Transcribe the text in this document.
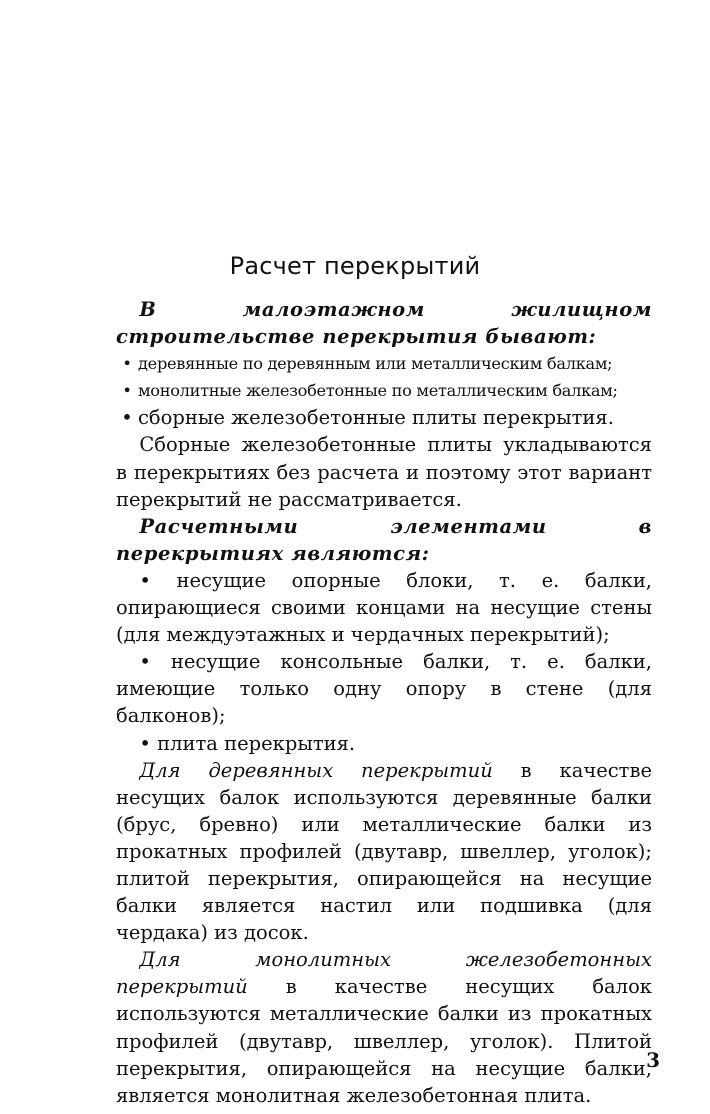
Расчет перекрытий

В малоэтажном жилищном строительстве перекрытия бывают:

• деревянные по деревянным или металлическим балкам;

• монолитные железобетонные по металлическим балкам;

• сборные железобетонные плиты перекрытия.

Сборные железобетонные плиты укладываются в перекрытиях без расчета и поэтому этот вариант перекрытий не рассматривается.

Расчетными элементами в перекрытиях являются:

• несущие опорные блоки, т. е. балки, опирающиеся своими концами на несущие стены (для междуэтажных и чердачных перекрытий);

• несущие консольные балки, т. е. балки, имеющие только одну опору в стене (для балконов);

• плита перекрытия.

Для деревянных перекрытий в качестве несущих балок используются деревянные балки (брус, бревно) или металлические балки из прокатных профилей (двутавр, швеллер, уголок); плитой перекрытия, опирающейся на несущие балки является настил или подшивка (для чердака) из досок.

Для монолитных железобетонных перекрытий в качестве несущих балок используются металлические балки из прокатных профилей (двутавр, швеллер, уголок). Плитой перекрытия, опирающейся на несущие балки, является монолитная железобетонная плита.

3
